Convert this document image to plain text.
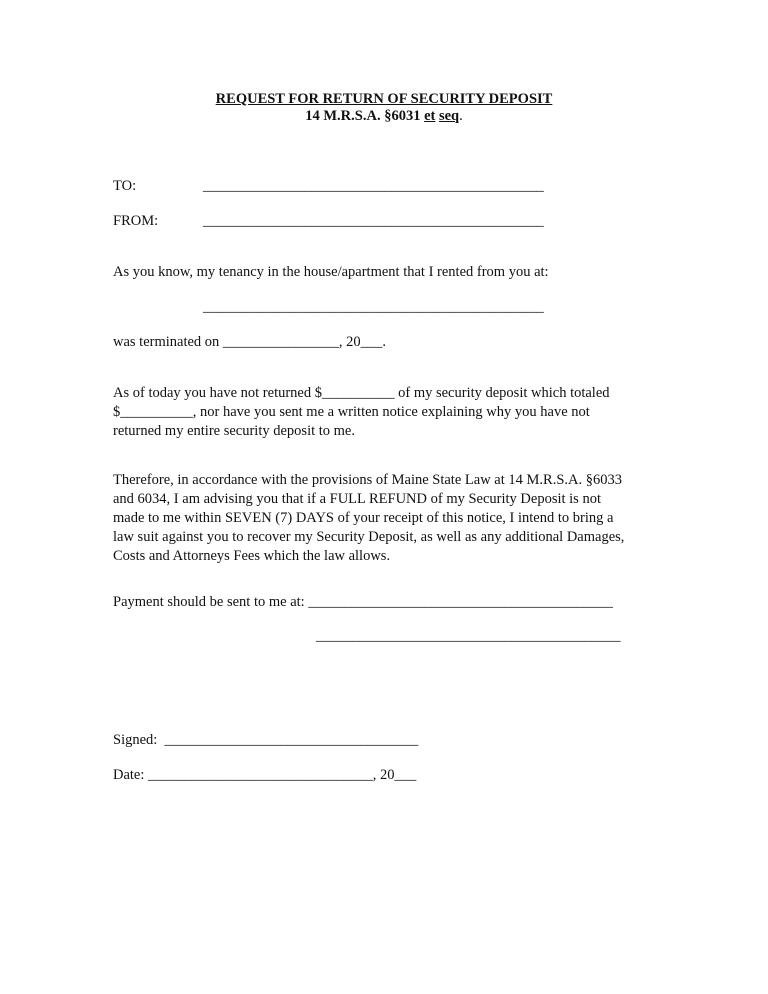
REQUEST FOR RETURN OF SECURITY DEPOSIT
14 M.R.S.A. §6031 et seq.
TO:	_______________________________________________
FROM:	_______________________________________________
As you know, my tenancy in the house/apartment that I rented from you at:
_______________________________________________
was terminated on ________________, 20___.
As of today you have not returned $__________ of my security deposit which totaled
$__________, nor have you sent me a written notice explaining why you have not
returned my entire security deposit to me.
Therefore, in accordance with the provisions of Maine State Law at 14 M.R.S.A. §6033
and 6034, I am advising you that if a FULL REFUND of my Security Deposit is not
made to me within SEVEN (7) DAYS of your receipt of this notice, I intend to bring a
law suit against you to recover my Security Deposit, as well as any additional Damages,
Costs and Attorneys Fees which the law allows.
Payment should be sent to me at: __________________________________________
__________________________________________
Signed:  ___________________________________
Date: _______________________________, 20___
